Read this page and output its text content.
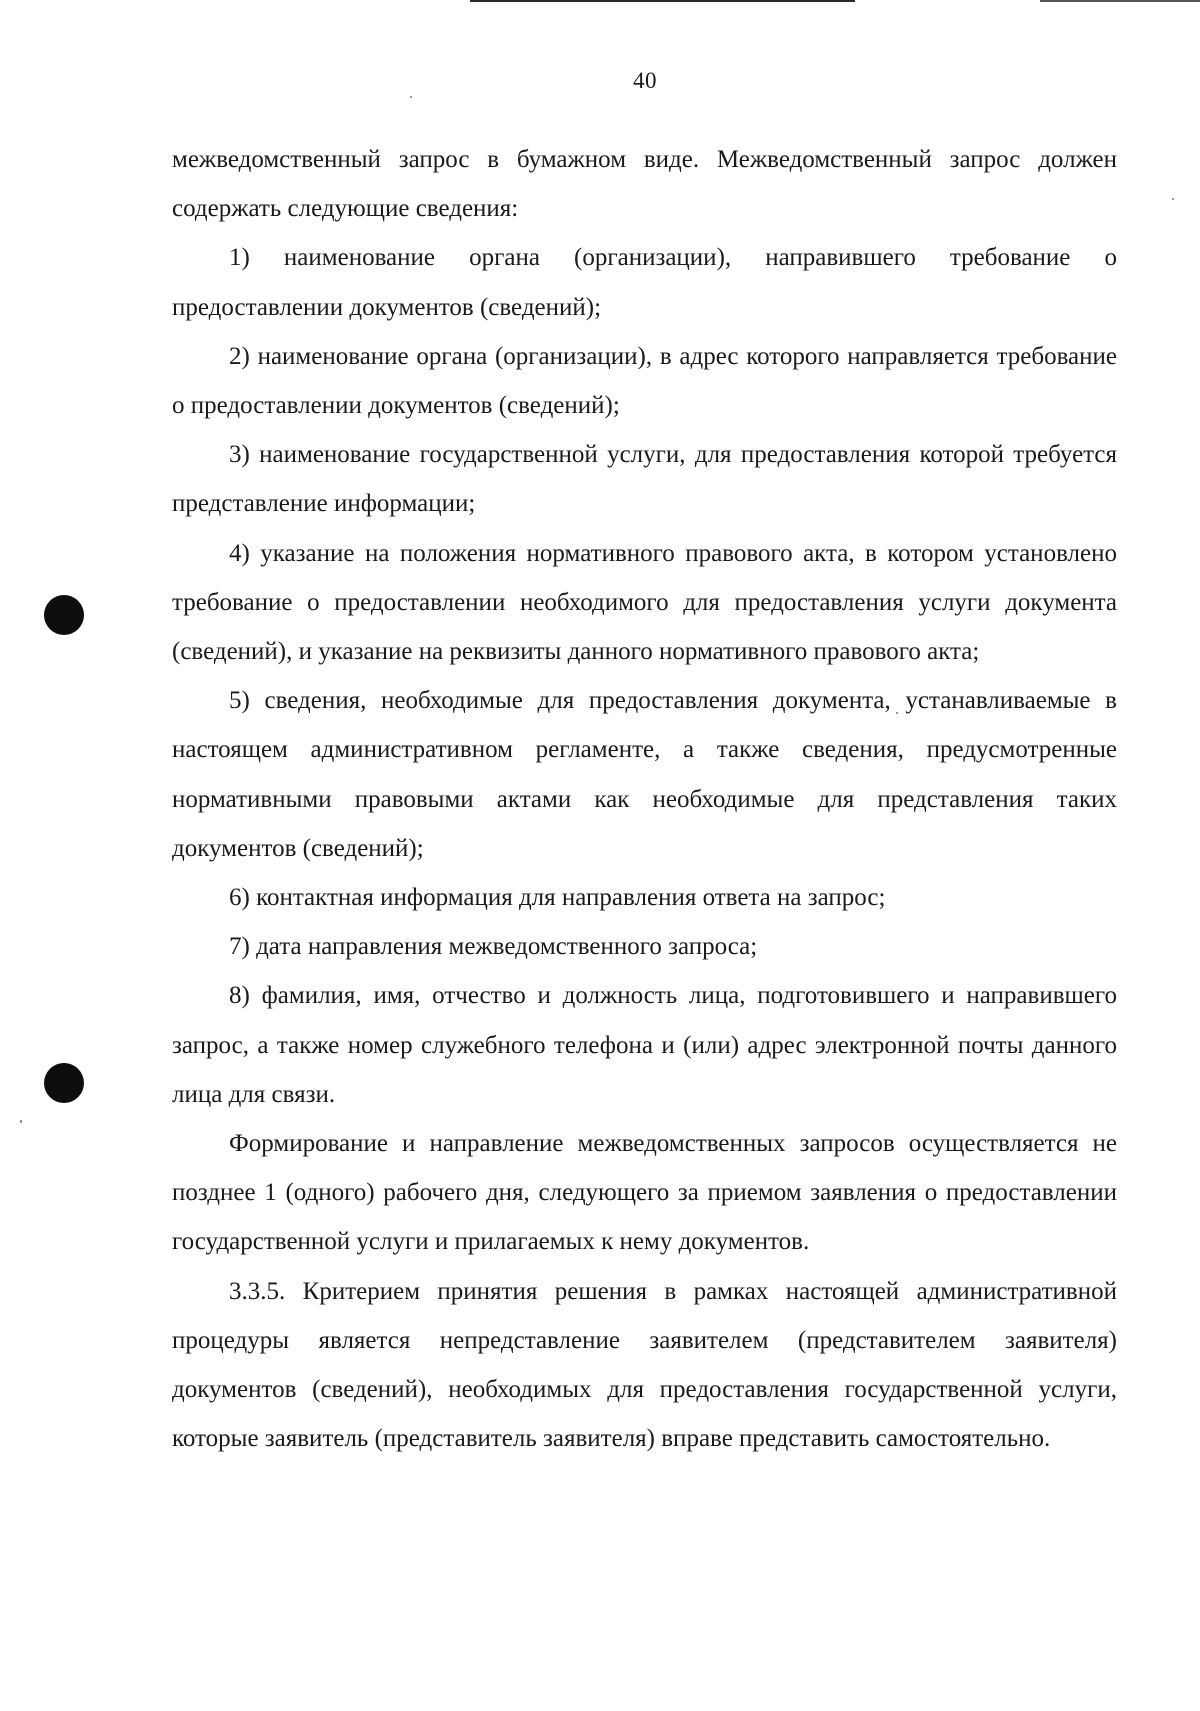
40

межведомственный запрос в бумажном виде. Межведомственный запрос должен содержать следующие сведения:

1) наименование органа (организации), направившего требование о предоставлении документов (сведений);

2) наименование органа (организации), в адрес которого направляется требование о предоставлении документов (сведений);

3) наименование государственной услуги, для предоставления которой требуется представление информации;

4) указание на положения нормативного правового акта, в котором установлено требование о предоставлении необходимого для предоставления услуги документа (сведений), и указание на реквизиты данного нормативного правового акта;

5) сведения, необходимые для предоставления документа, устанавливаемые в настоящем административном регламенте, а также сведения, предусмотренные нормативными правовыми актами как необходимые для представления таких документов (сведений);

6) контактная информация для направления ответа на запрос;

7) дата направления межведомственного запроса;

8) фамилия, имя, отчество и должность лица, подготовившего и направившего запрос, а также номер служебного телефона и (или) адрес электронной почты данного лица для связи.

Формирование и направление межведомственных запросов осуществляется не позднее 1 (одного) рабочего дня, следующего за приемом заявления о предоставлении государственной услуги и прилагаемых к нему документов.

3.3.5. Критерием принятия решения в рамках настоящей административной процедуры является непредставление заявителем (представителем заявителя) документов (сведений), необходимых для предоставления государственной услуги, которые заявитель (представитель заявителя) вправе представить самостоятельно.
